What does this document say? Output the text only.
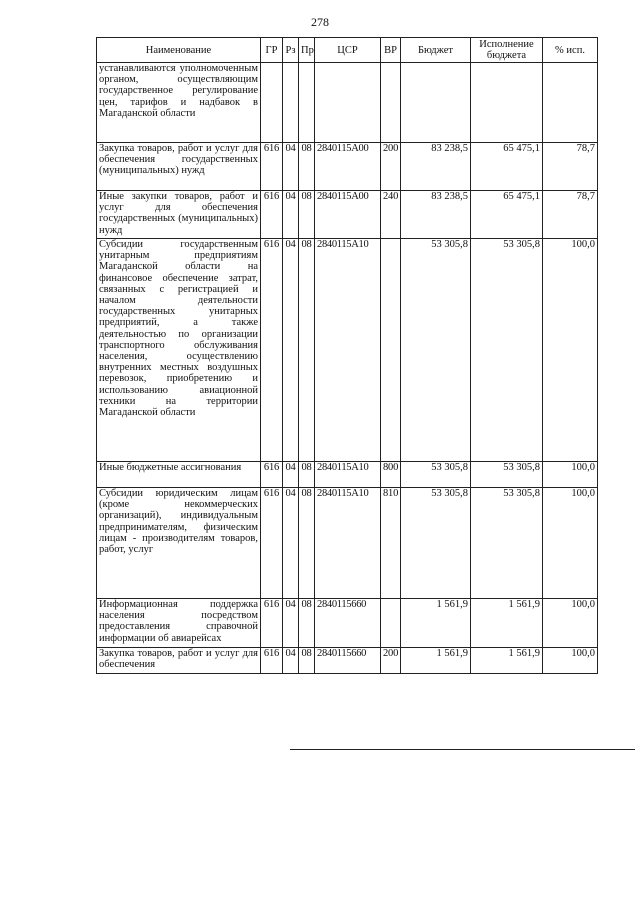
278
Наименование	ГР	Рз	Пр	ЦСР	ВР	Бюджет	Исполнение бюджета	% исп.
устанавливаются уполномоченным органом, осуществляющим государственное регулирование цен, тарифов и надбавок в Магаданской области								
Закупка товаров, работ и услуг для обеспечения государственных (муниципальных) нужд	616	04	08	2840115А00	200	83 238,5	65 475,1	78,7
Иные закупки товаров, работ и услуг для обеспечения государственных (муниципальных) нужд	616	04	08	2840115А00	240	83 238,5	65 475,1	78,7
Субсидии государственным унитарным предприятиям Магаданской области на финансовое обеспечение затрат, связанных с регистрацией и началом деятельности государственных унитарных предприятий, а также деятельностью по организации транспортного обслуживания населения, осуществлению внутренних местных воздушных перевозок, приобретению и использованию авиационной техники на территории Магаданской области	616	04	08	2840115А10		53 305,8	53 305,8	100,0
Иные бюджетные ассигнования	616	04	08	2840115А10	800	53 305,8	53 305,8	100,0
Субсидии юридическим лицам (кроме некоммерческих организаций), индивидуальным предпринимателям, физическим лицам - производителям товаров, работ, услуг	616	04	08	2840115А10	810	53 305,8	53 305,8	100,0
Информационная поддержка населения посредством предоставления справочной информации об авиарейсах	616	04	08	2840115660		1 561,9	1 561,9	100,0
Закупка товаров, работ и услуг для обеспечения	616	04	08	2840115660	200	1 561,9	1 561,9	100,0
